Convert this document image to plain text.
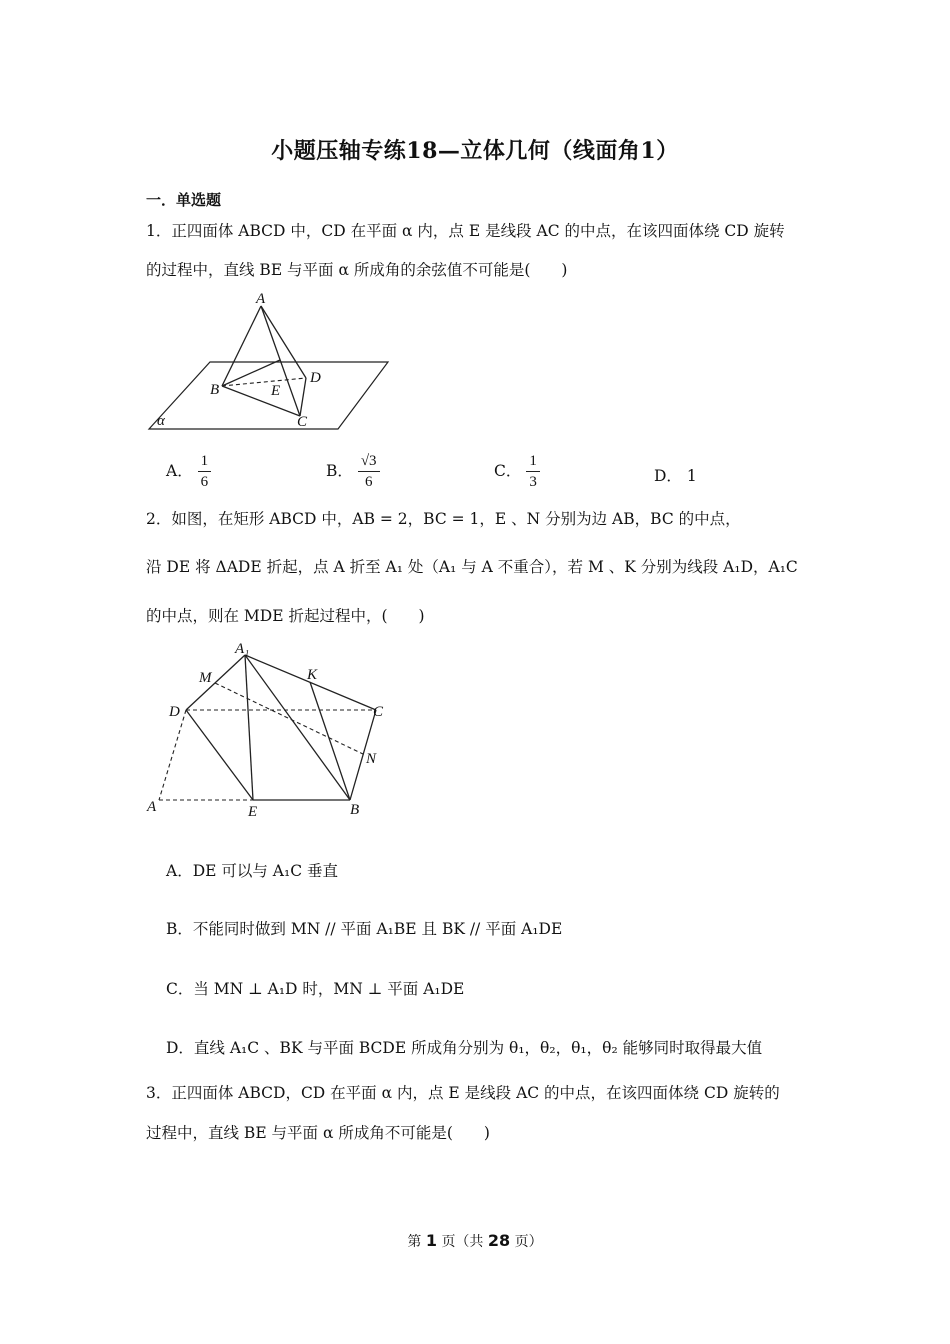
小题压轴专练18—立体几何（线面角1）
一．单选题
1．正四面体 ABCD 中，CD 在平面 α 内，点 E 是线段 AC 的中点，在该四面体绕 CD 旋转
的过程中，直线 BE 与平面 α 所成角的余弦值不可能是(　　)
A
B
C
D
E
α
A． $\frac{1}{6}$	B． $\frac{√3}{6}$	C． $\frac{1}{3}$	D． 1
2．如图，在矩形 ABCD 中，AB = 2，BC = 1，E 、N 分别为边 AB，BC 的中点，
沿 DE 将 ΔADE 折起，点 A 折至 A₁ 处（A₁ 与 A 不重合），若 M 、K 分别为线段 A₁D，A₁C
的中点，则在 MDE 折起过程中，(　　)
A₁
M	K
D	C
N
A	E	B
A．DE 可以与 A₁C 垂直
B．不能同时做到 MN // 平面 A₁BE 且 BK // 平面 A₁DE
C．当 MN ⊥ A₁D 时，MN ⊥ 平面 A₁DE
D．直线 A₁C 、BK 与平面 BCDE 所成角分别为 θ₁，θ₂，θ₁，θ₂ 能够同时取得最大值
3．正四面体 ABCD，CD 在平面 α 内，点 E 是线段 AC 的中点，在该四面体绕 CD 旋转的
过程中，直线 BE 与平面 α 所成角不可能是(　　)
第 1 页（共 28 页）
